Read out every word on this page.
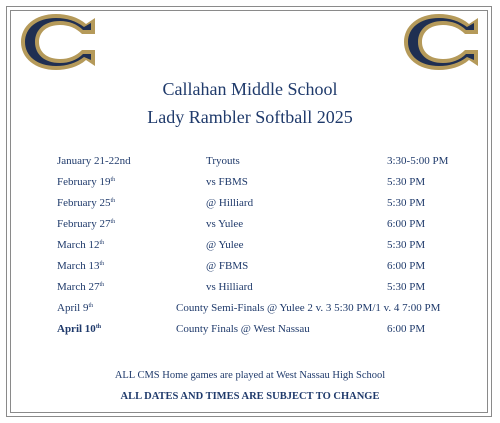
Callahan Middle School
Lady Rambler Softball 2025
January 21-22nd	Tryouts	3:30-5:00 PM
February 19th	vs FBMS	5:30 PM
February 25th	@ Hilliard	5:30 PM
February 27th	vs Yulee	6:00 PM
March 12th	@ Yulee	5:30 PM
March 13th	@ FBMS	6:00 PM
March 27th	vs Hilliard	5:30 PM
April 9th	County Semi-Finals @ Yulee 2 v. 3 5:30 PM/1 v. 4 7:00 PM
April 10th	County Finals @ West Nassau	6:00 PM
ALL CMS Home games are played at West Nassau High School
ALL DATES AND TIMES ARE SUBJECT TO CHANGE
